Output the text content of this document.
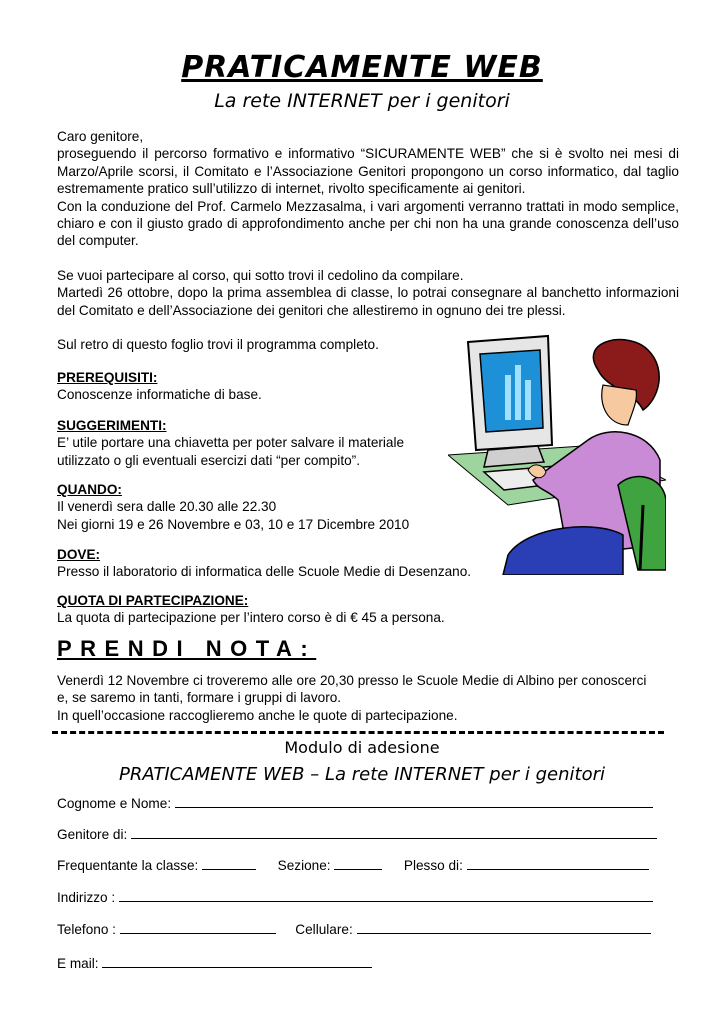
PRATICAMENTE WEB
La rete INTERNET per i genitori

Caro genitore,

proseguendo il percorso formativo e informativo “SICURAMENTE WEB” che si è svolto nei mesi di Marzo/Aprile scorsi, il Comitato e l’Associazione Genitori propongono un corso informatico, dal taglio estremamente pratico sull’utilizzo di internet, rivolto specificamente ai genitori.

Con la conduzione del Prof. Carmelo Mezzasalma, i vari argomenti verranno trattati in modo semplice, chiaro e con il giusto grado di approfondimento anche per chi non ha una grande conoscenza dell’uso del computer.

Se vuoi partecipare al corso, qui sotto trovi il cedolino da compilare.

Martedì 26 ottobre, dopo la prima assemblea di classe, lo potrai consegnare al banchetto informazioni del Comitato e dell’Associazione dei genitori che allestiremo in ognuno dei tre plessi.

Sul retro di questo foglio trovi il programma completo.

PREREQUISITI:

Conoscenze informatiche di base.

SUGGERIMENTI:

E’ utile portare una chiavetta per poter salvare il materiale

utilizzato o gli eventuali esercizi dati “per compito”.

QUANDO:

Il venerdì sera dalle 20.30 alle 22.30

Nei giorni 19 e 26 Novembre e 03, 10 e 17 Dicembre 2010

DOVE:

Presso il laboratorio di informatica delle Scuole Medie di Desenzano.

QUOTA DI PARTECIPAZIONE:

La quota di partecipazione per l’intero corso è di € 45 a persona.

PRENDI NOTA:

Venerdì 12 Novembre ci troveremo alle ore 20,30 presso le Scuole Medie di Albino per conoscerci e, se saremo in tanti, formare i gruppi di lavoro.

In quell’occasione raccoglieremo anche le quote di partecipazione.

Modulo di adesione
PRATICAMENTE WEB – La rete INTERNET per i genitori
Cognome e Nome:
Genitore di:
Frequentante la classe:	Sezione:	Plesso di:
Indirizzo :
Telefono :	Cellulare:
E mail:
